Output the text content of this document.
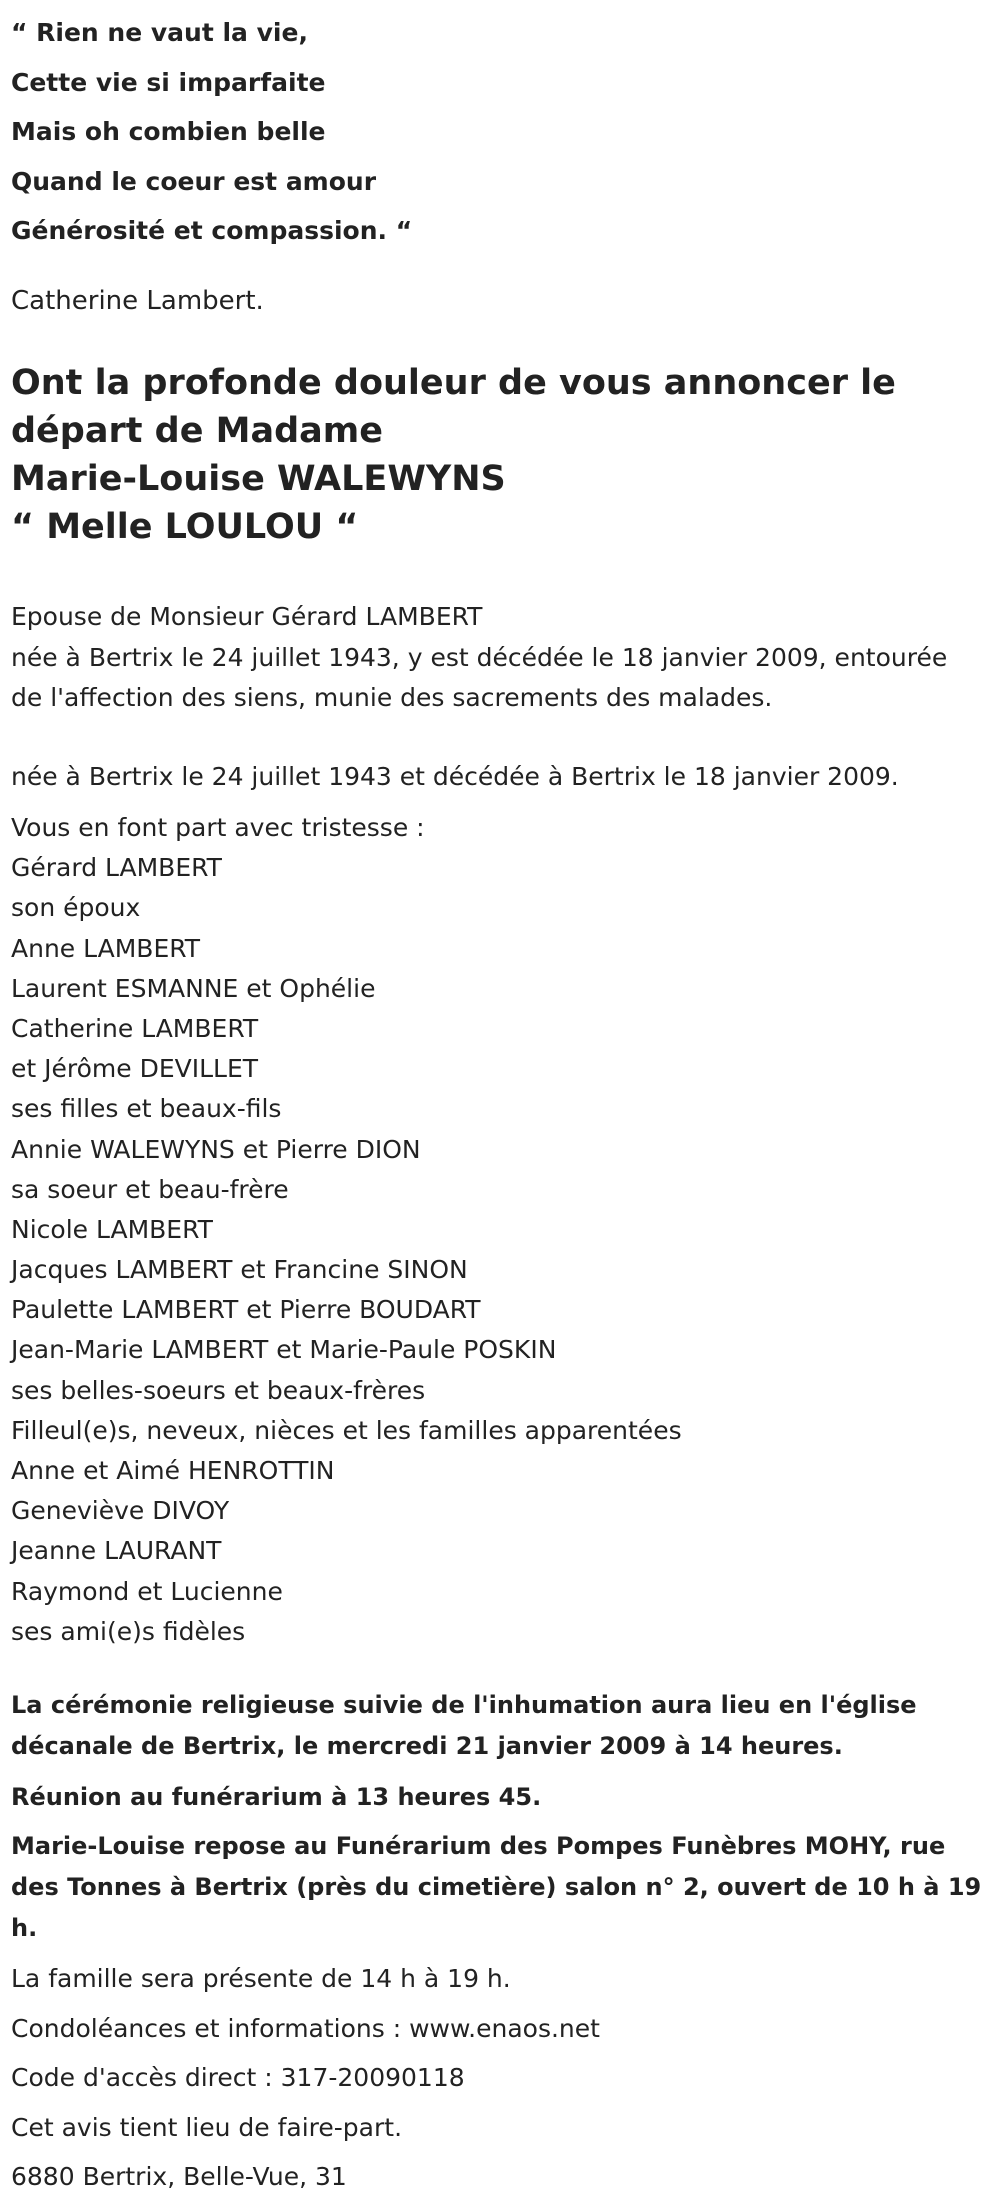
“ Rien ne vaut la vie,
Cette vie si imparfaite
Mais oh combien belle
Quand le coeur est amour
Générosité et compassion. “
Catherine Lambert.
Ont la profonde douleur de vous annoncer le
départ de Madame
Marie-Louise WALEWYNS
“ Melle LOULOU “
Epouse de Monsieur Gérard LAMBERT
née à Bertrix le 24 juillet 1943, y est décédée le 18 janvier 2009, entourée
de l'affection des siens, munie des sacrements des malades.
née à Bertrix le 24 juillet 1943 et décédée à Bertrix le 18 janvier 2009.
Vous en font part avec tristesse :
Gérard LAMBERT
son époux
Anne LAMBERT
Laurent ESMANNE et Ophélie
Catherine LAMBERT
et Jérôme DEVILLET
ses filles et beaux-fils
Annie WALEWYNS et Pierre DION
sa soeur et beau-frère
Nicole LAMBERT
Jacques LAMBERT et Francine SINON
Paulette LAMBERT et Pierre BOUDART
Jean-Marie LAMBERT et Marie-Paule POSKIN
ses belles-soeurs et beaux-frères
Filleul(e)s, neveux, nièces et les familles apparentées
Anne et Aimé HENROTTIN
Geneviève DIVOY
Jeanne LAURANT
Raymond et Lucienne
ses ami(e)s fidèles
La cérémonie religieuse suivie de l'inhumation aura lieu en l'église
décanale de Bertrix, le mercredi 21 janvier 2009 à 14 heures.
Réunion au funérarium à 13 heures 45.
Marie-Louise repose au Funérarium des Pompes Funèbres MOHY, rue
des Tonnes à Bertrix (près du cimetière) salon n° 2, ouvert de 10 h à 19
h.
La famille sera présente de 14 h à 19 h.
Condoléances et informations : www.enaos.net
Code d'accès direct : 317-20090118
Cet avis tient lieu de faire-part.
6880 Bertrix, Belle-Vue, 31
